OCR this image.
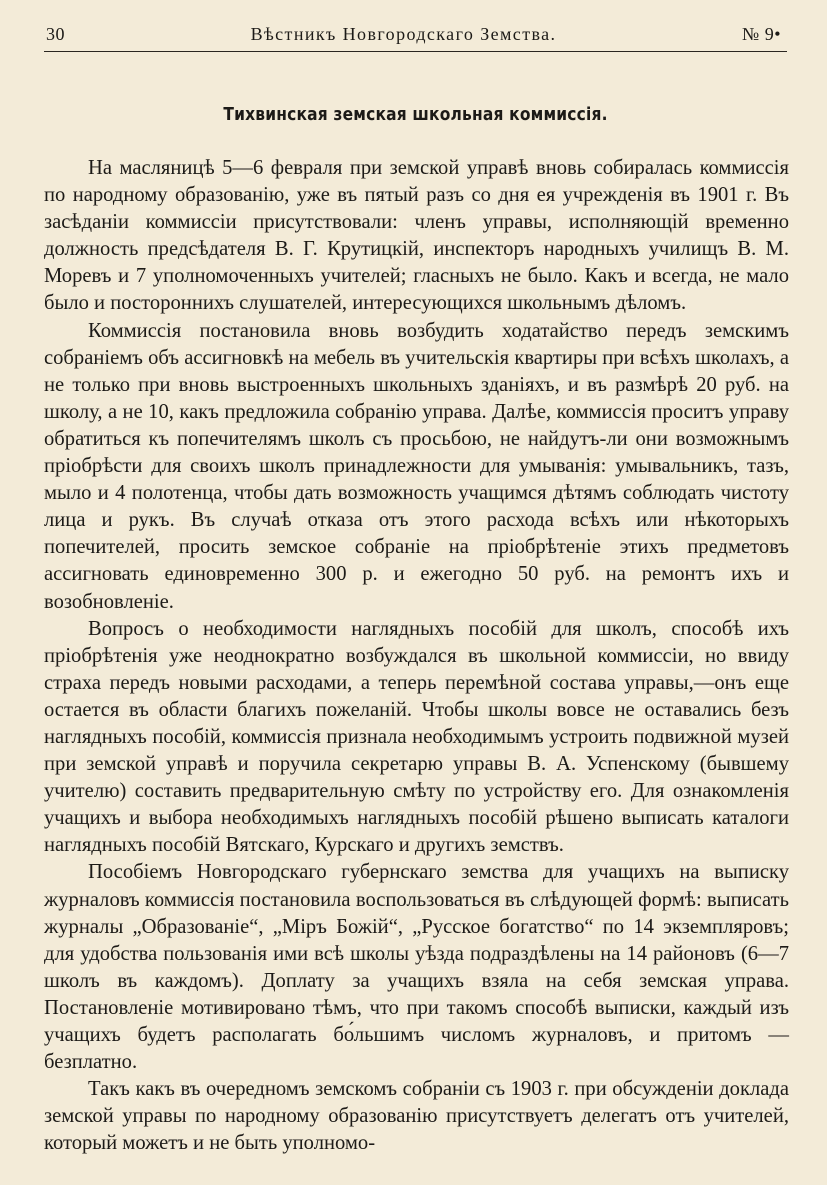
30	Вѣстникъ Новгородскаго Земства.	№ 9•
Тихвинская земская школьная коммиссія.

На масляницѣ 5—6 февраля при земской управѣ вновь собиралась коммиссія по народному образованію, уже въ пятый разъ со дня ея учрежденія въ 1901 г. Въ засѣданіи коммиссіи присутствовали: членъ управы, исполняющій временно должность предсѣдателя В. Г. Крутицкій, инспекторъ народныхъ училищъ В. М. Моревъ и 7 уполномоченныхъ учителей; гласныхъ не было. Какъ и всегда, не мало было и постороннихъ слушателей, интересующихся школьнымъ дѣломъ.

Коммиссія постановила вновь возбудить ходатайство передъ земскимъ собраніемъ объ ассигновкѣ на мебель въ учительскія квартиры при всѣхъ школахъ, а не только при вновь выстроенныхъ школьныхъ зданіяхъ, и въ размѣрѣ 20 руб. на школу, а не 10, какъ предложила собранію управа. Далѣе, коммиссія проситъ управу обратиться къ попечителямъ школъ съ просьбою, не найдутъ-ли они возможнымъ пріобрѣсти для своихъ школъ принадлежности для умыванія: умывальникъ, тазъ, мыло и 4 полотенца, чтобы дать возможность учащимся дѣтямъ соблюдать чистоту лица и рукъ. Въ случаѣ отказа отъ этого расхода всѣхъ или нѣкоторыхъ попечителей, просить земское собраніе на пріобрѣтеніе этихъ предметовъ ассигновать единовременно 300 р. и ежегодно 50 руб. на ремонтъ ихъ и возобновленіе.

Вопросъ о необходимости наглядныхъ пособій для школъ, способѣ ихъ пріобрѣтенія уже неоднократно возбуждался въ школьной коммиссіи, но ввиду страха передъ новыми расходами, а теперь перемѣной состава управы,—онъ еще остается въ области благихъ пожеланій. Чтобы школы вовсе не оставались безъ наглядныхъ пособій, коммиссія признала необходимымъ устроить подвижной музей при земской управѣ и поручила секретарю управы В. А. Успенскому (бывшему учителю) составить предварительную смѣту по устройству его. Для ознакомленія учащихъ и выбора необходимыхъ наглядныхъ пособій рѣшено выписать каталоги наглядныхъ пособій Вятскаго, Курскаго и другихъ земствъ.

Пособіемъ Новгородскаго губернскаго земства для учащихъ на выписку журналовъ коммиссія постановила воспользоваться въ слѣдующей формѣ: выписать журналы „Образованіе“, „Міръ Божій“, „Русское богатство“ по 14 экземпляровъ; для удобства пользованія ими всѣ школы уѣзда подраздѣлены на 14 районовъ (6—7 школъ въ каждомъ). Доплату за учащихъ взяла на себя земская управа. Постановленіе мотивировано тѣмъ, что при такомъ способѣ выписки, каждый изъ учащихъ будетъ располагать бо́льшимъ числомъ журналовъ, и притомъ — безплатно.

Такъ какъ въ очередномъ земскомъ собраніи съ 1903 г. при обсужденіи доклада земской управы по народному образованію присутствуетъ делегатъ отъ учителей, который можетъ и не быть уполномо-
